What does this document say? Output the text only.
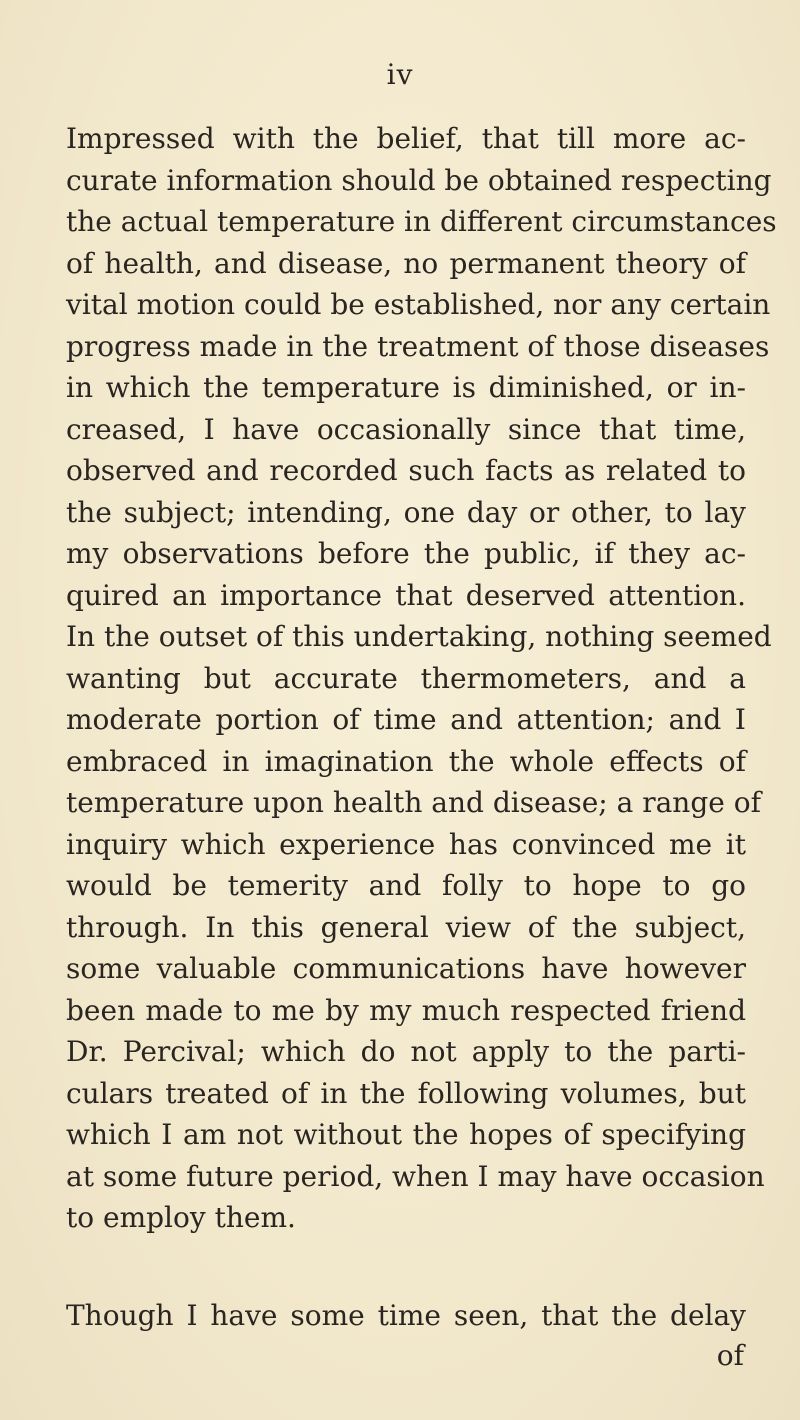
iv
Impressed with the belief, that till more ac-
curate information should be obtained respecting
the actual temperature in different circumstances
of health, and disease, no permanent theory of
vital motion could be established, nor any certain
progress made in the treatment of those diseases
in which the temperature is diminished, or in-
creased, I have occasionally since that time,
observed and recorded such facts as related to
the subject; intending, one day or other, to lay
my observations before the public, if they ac-
quired an importance that deserved attention.
In the outset of this undertaking, nothing seemed
wanting but accurate thermometers, and a
moderate portion of time and attention; and I
embraced in imagination the whole effects of
temperature upon health and disease; a range of
inquiry which experience has convinced me it
would be temerity and folly to hope to go
through. In this general view of the subject,
some valuable communications have however
been made to me by my much respected friend
Dr. Percival; which do not apply to the parti-
culars treated of in the following volumes, but
which I am not without the hopes of specifying
at some future period, when I may have occasion
to employ them.
Though I have some time seen, that the delay
of
